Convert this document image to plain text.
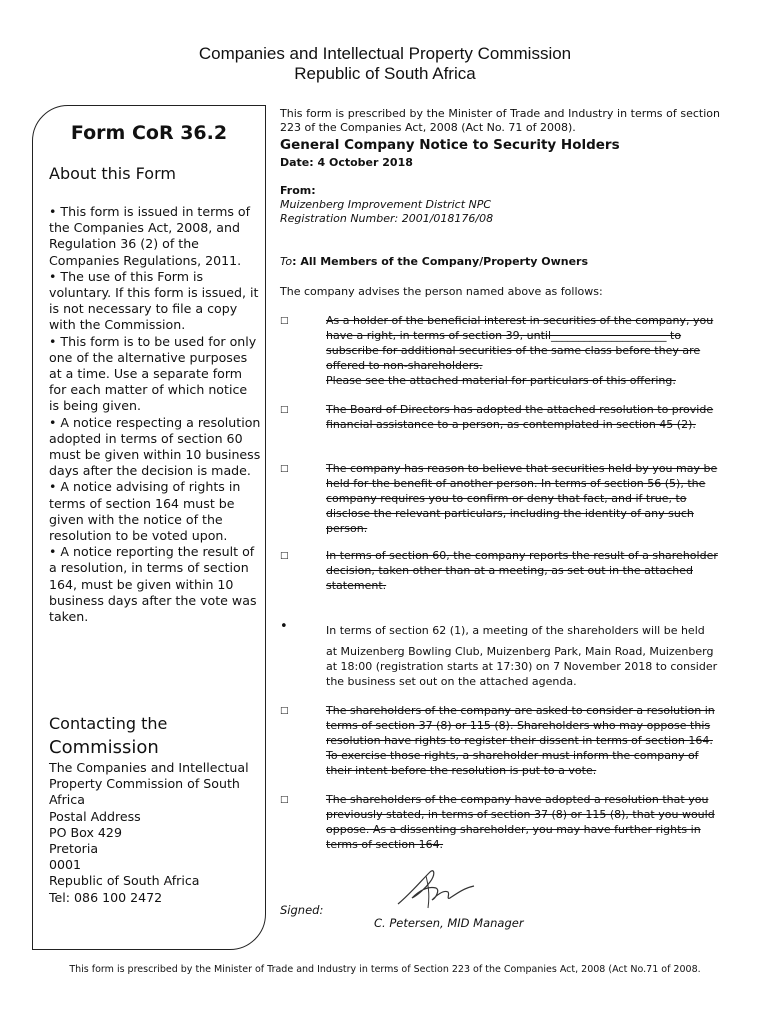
Companies and Intellectual Property Commission
Republic of South Africa
Form CoR 36.2
About this Form
• This form is issued in terms of the Companies Act, 2008, and Regulation 36 (2) of the Companies Regulations, 2011.
• The use of this Form is voluntary. If this form is issued, it is not necessary to file a copy with the Commission.
• This form is to be used for only one of the alternative purposes at a time. Use a separate form for each matter of which notice is being given.
• A notice respecting a resolution adopted in terms of section 60 must be given within 10 business days after the decision is made.
• A notice advising of rights in terms of section 164 must be given with the notice of the resolution to be voted upon.
• A notice reporting the result of a resolution, in terms of section 164, must be given within 10 business days after the vote was taken.
Contacting the
Commission
The Companies and Intellectual
Property Commission of South Africa
Postal Address
PO Box 429
Pretoria
0001
Republic of South Africa
Tel: 086 100 2472
This form is prescribed by the Minister of Trade and Industry in terms of section 223 of the Companies Act, 2008 (Act No. 71 of 2008).
General Company Notice to Security Holders
Date: 4 October 2018
From:
Muizenberg Improvement District NPC
Registration Number: 2001/018176/08
To: All Members of the Company/Property Owners
The company advises the person named above as follows:
□	As a holder of the beneficial interest in securities of the company, you have a right, in terms of section 39, until_____________________ to subscribe for additional securities of the same class before they are offered to non-shareholders.

Please see the attached material for particulars of this offering.

□	The Board of Directors has adopted the attached resolution to provide financial assistance to a person, as contemplated in section 45 (2).

□	The company has reason to believe that securities held by you may be held for the benefit of another person. In terms of section 56 (5), the company requires you to confirm or deny that fact, and if true, to disclose the relevant particulars, including the identity of any such person.

□	In terms of section 60, the company reports the result of a shareholder decision, taken other than at a meeting, as set out in the attached statement.

•	In terms of section 62 (1), a meeting of the shareholders will be held

at Muizenberg Bowling Club, Muizenberg Park, Main Road, Muizenberg at 18:00 (registration starts at 17:30) on 7 November 2018 to consider the business set out on the attached agenda.

□	The shareholders of the company are asked to consider a resolution in terms of section 37 (8) or 115 (8). Shareholders who may oppose this resolution have rights to register their dissent in terms of section 164. To exercise those rights, a shareholder must inform the company of their intent before the resolution is put to a vote.

□	The shareholders of the company have adopted a resolution that you previously stated, in terms of section 37 (8) or 115 (8), that you would oppose. As a dissenting shareholder, you may have further rights in terms of section 164.

Signed:
C. Petersen, MID Manager
This form is prescribed by the Minister of Trade and Industry in terms of Section 223 of the Companies Act, 2008 (Act No.71 of 2008.
